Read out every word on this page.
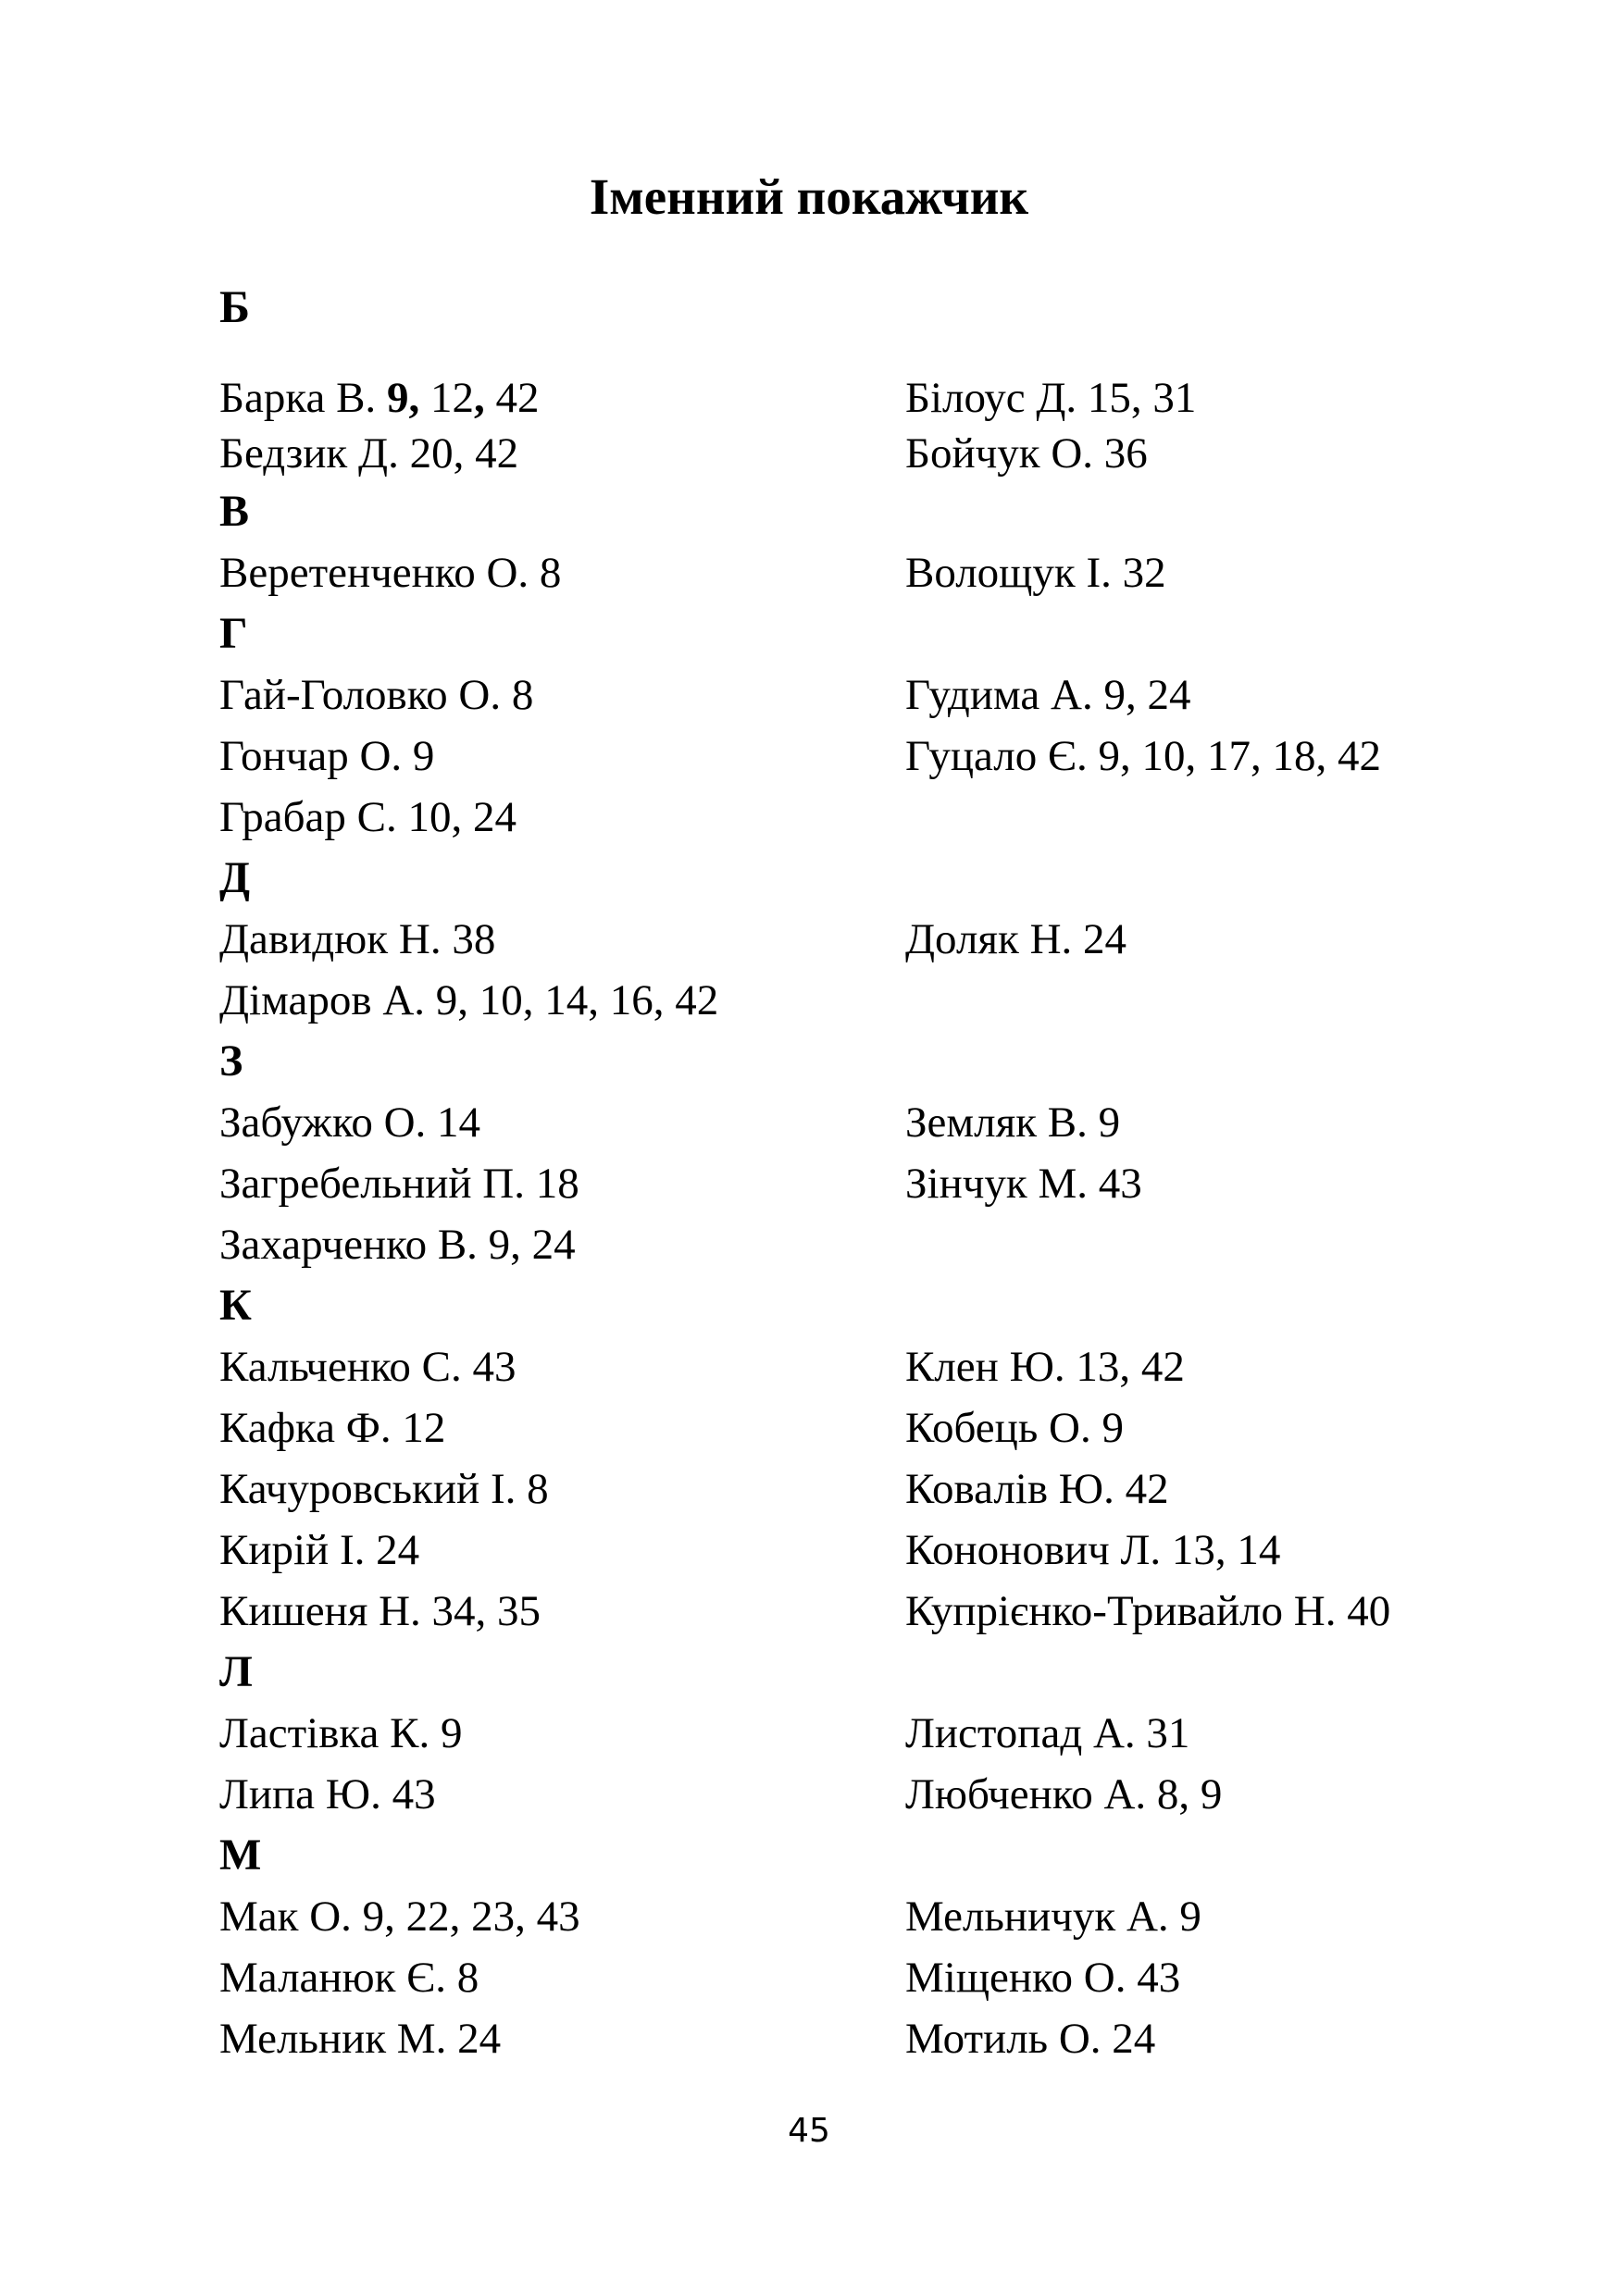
Іменний покажчик
Б
Барка В. 9, 12, 42	Білоус Д. 15, 31
Бедзик Д. 20, 42	Бойчук О. 36
В
Веретенченко О. 8	Волощук І. 32
Г
Гай-Головко О. 8	Гудима А. 9, 24
Гончар О. 9	Гуцало Є. 9, 10, 17, 18, 42
Грабар С. 10, 24
Д
Давидюк Н. 38	Доляк Н. 24
Дімаров А. 9, 10, 14, 16, 42
З
Забужко О. 14	Земляк В. 9
Загребельний П. 18	Зінчук М. 43
Захарченко В. 9, 24
К
Кальченко С. 43	Клен Ю. 13, 42
Кафка Ф. 12	Кобець О. 9
Качуровський І. 8	Ковалів Ю. 42
Кирій І. 24	Кононович Л. 13, 14
Кишеня Н. 34, 35	Купрієнко-Тривайло Н. 40
Л
Ластівка К. 9	Листопад А. 31
Липа Ю. 43	Любченко А. 8, 9
М
Мак О. 9, 22, 23, 43	Мельничук А. 9
Маланюк Є. 8	Міщенко О. 43
Мельник М. 24	Мотиль О. 24
45
